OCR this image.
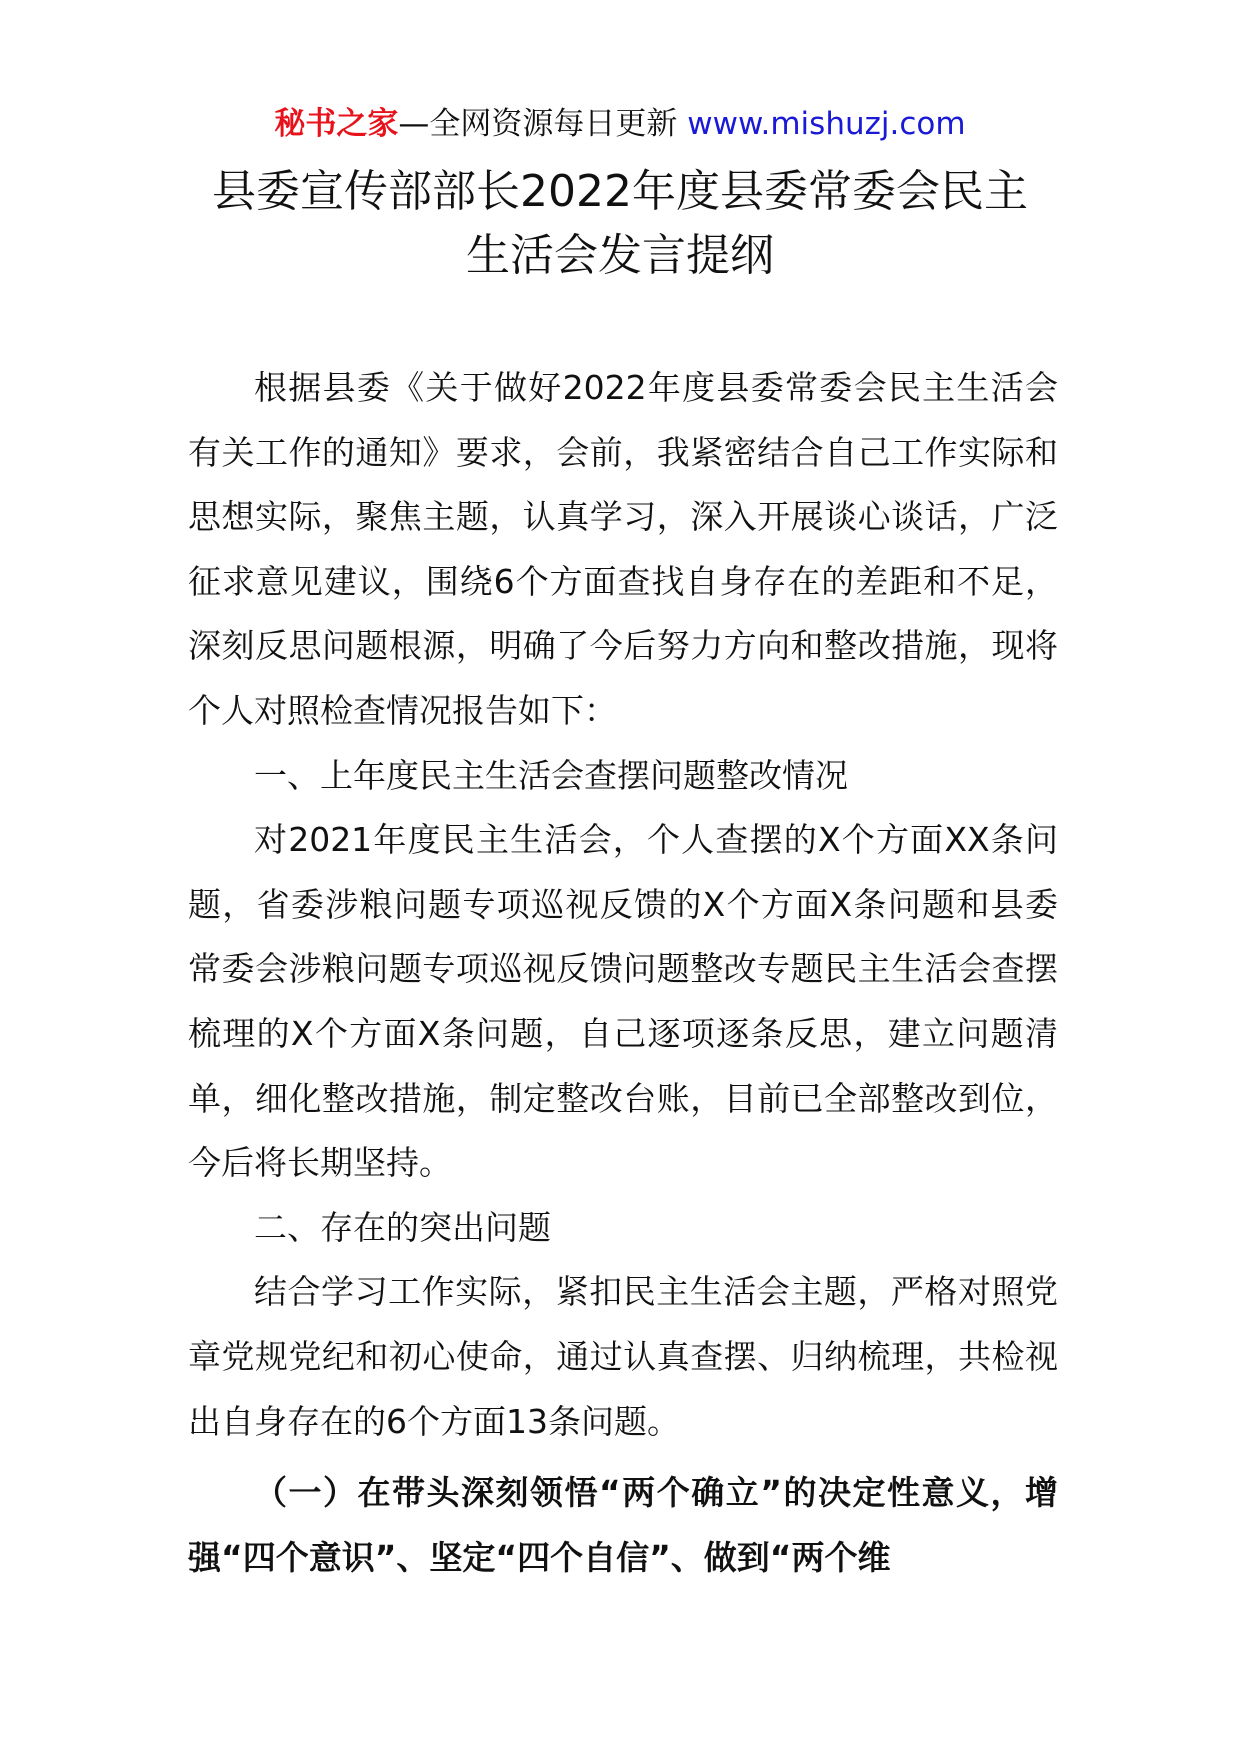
秘书之家—全网资源每日更新 www.mishuzj.com
县委宣传部部长2022年度县委常委会民主
生活会发言提纲

根据县委《关于做好2022年度县委常委会民主生活会有关工作的通知》要求，会前，我紧密结合自己工作实际和思想实际，聚焦主题，认真学习，深入开展谈心谈话，广泛征求意见建议，围绕6个方面查找自身存在的差距和不足，深刻反思问题根源，明确了今后努力方向和整改措施，现将个人对照检查情况报告如下：

一、上年度民主生活会查摆问题整改情况

对2021年度民主生活会，个人查摆的X个方面XX条问题，省委涉粮问题专项巡视反馈的X个方面X条问题和县委常委会涉粮问题专项巡视反馈问题整改专题民主生活会查摆梳理的X个方面X条问题，自己逐项逐条反思，建立问题清单，细化整改措施，制定整改台账，目前已全部整改到位，今后将长期坚持。

二、存在的突出问题

结合学习工作实际，紧扣民主生活会主题，严格对照党章党规党纪和初心使命，通过认真查摆、归纳梳理，共检视出自身存在的6个方面13条问题。

（一）在带头深刻领悟“两个确立”的决定性意义，增强“四个意识”、坚定“四个自信”、做到“两个维
